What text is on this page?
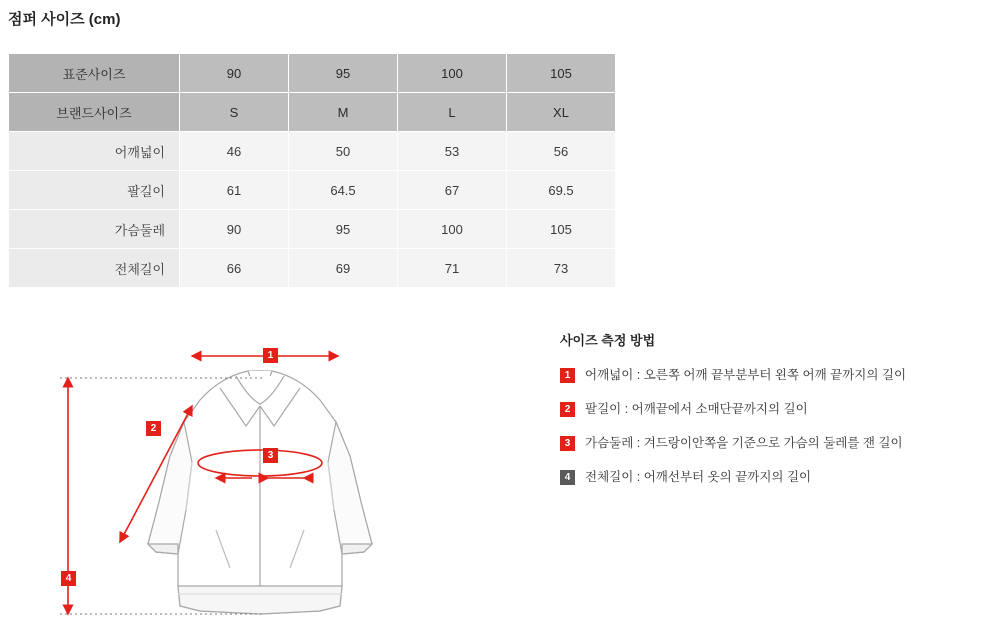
점퍼 사이즈 (cm)
표준사이즈	90	95	100	105
브랜드사이즈	S	M	L	XL
어깨넓이	46	50	53	56
팔길이	61	64.5	67	69.5
가슴둘레	90	95	100	105
전체길이	66	69	71	73
1
2
3
4
사이즈 측정 방법
1	어깨넓이 : 오른쪽 어깨 끝부분부터 왼쪽 어깨 끝까지의 길이
2	팔길이 : 어깨끝에서 소매단끝까지의 길이
3	가슴둘레 : 겨드랑이안쪽을 기준으로 가슴의 둘레를 잰 길이
4	전체길이 : 어깨선부터 옷의 끝까지의 길이
